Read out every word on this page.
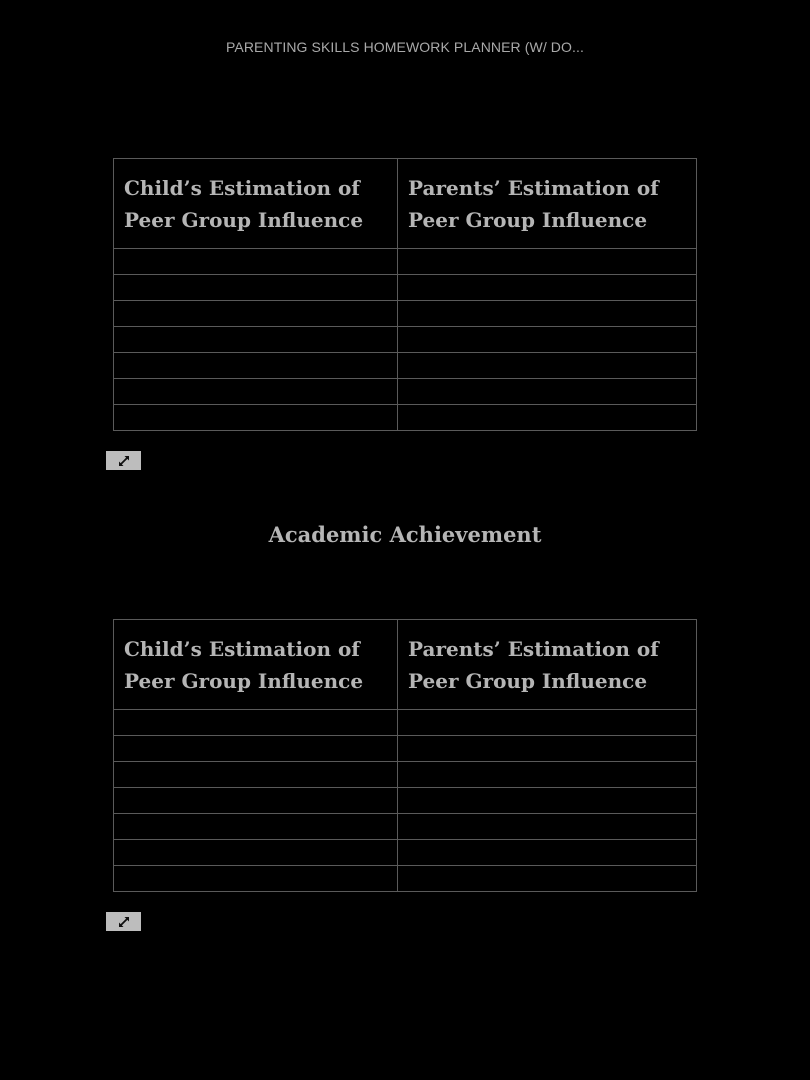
PARENTING SKILLS HOMEWORK PLANNER (W/ DO...
Child’s Estimation of Peer Group Influence	Parents’ Estimation of Peer Group Influence

Academic Achievement
Child’s Estimation of Peer Group Influence	Parents’ Estimation of Peer Group Influence
